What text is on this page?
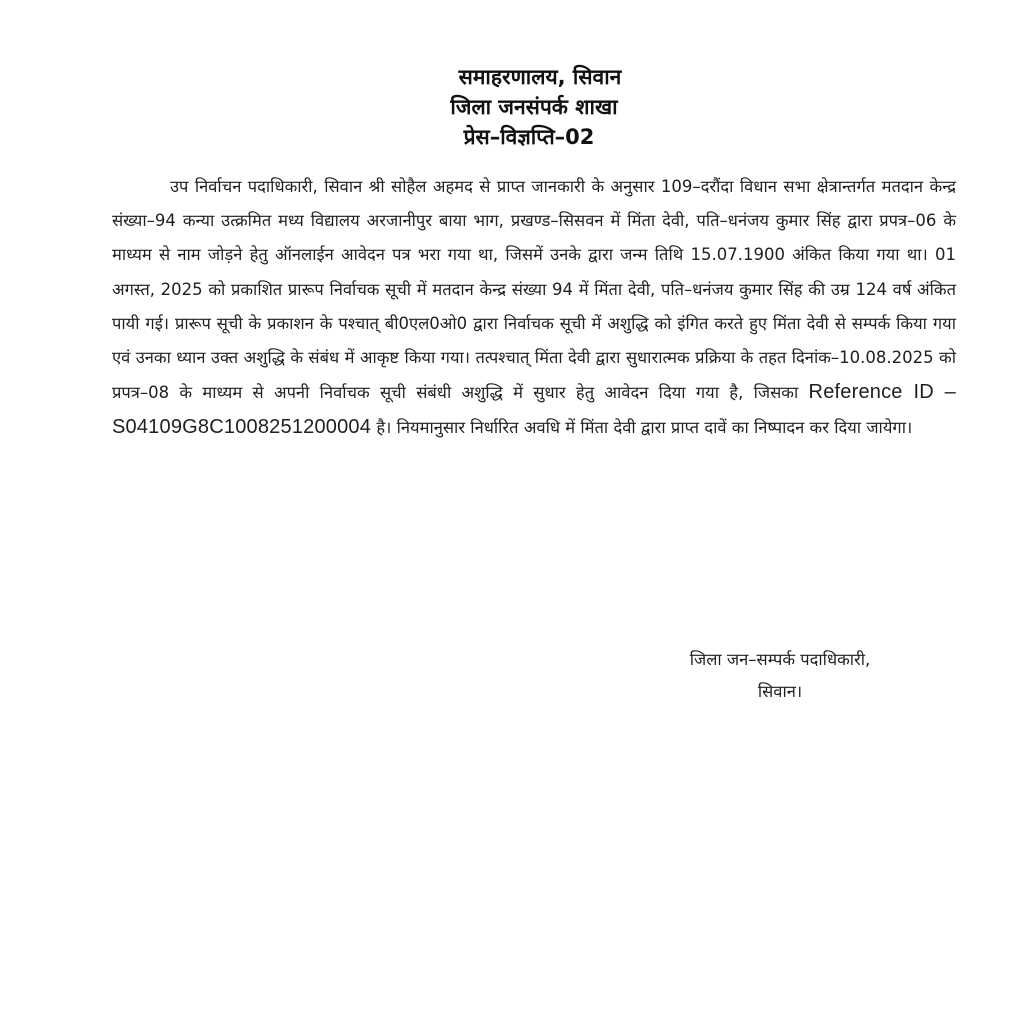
समाहरणालय, सिवान
जिला जनसंपर्क शाखा
प्रेस–विज्ञप्ति–02

उप निर्वाचन पदाधिकारी, सिवान श्री सोहैल अहमद से प्राप्त जानकारी के अनुसार 109–दरौंदा विधान सभा क्षेत्रान्तर्गत मतदान केन्द्र संख्या–94 कन्या उत्क्रमित मध्य विद्यालय अरजानीपुर बाया भाग, प्रखण्ड–सिसवन में मिंता देवी, पति–धनंजय कुमार सिंह द्वारा प्रपत्र–06 के माध्यम से नाम जोड़ने हेतु ऑनलाईन आवेदन पत्र भरा गया था, जिसमें उनके द्वारा जन्म तिथि 15.07.1900 अंकित किया गया था। 01 अगस्त, 2025 को प्रकाशित प्रारूप निर्वाचक सूची में मतदान केन्द्र संख्या 94 में मिंता देवी, पति–धनंजय कुमार सिंह की उम्र 124 वर्ष अंकित पायी गई। प्रारूप सूची के प्रकाशन के पश्चात् बी0एल0ओ0 द्वारा निर्वाचक सूची में अशुद्धि को इंगित करते हुए मिंता देवी से सम्पर्क किया गया एवं उनका ध्यान उक्त अशुद्धि के संबंध में आकृष्ट किया गया। तत्पश्चात् मिंता देवी द्वारा सुधारात्मक प्रक्रिया के तहत दिनांक–10.08.2025 को प्रपत्र–08 के माध्यम से अपनी निर्वाचक सूची संबंधी अशुद्धि में सुधार हेतु आवेदन दिया गया है, जिसका Reference ID – S04109G8C1008251200004 है। नियमानुसार निर्धारित अवधि में मिंता देवी द्वारा प्राप्त दावें का निष्पादन कर दिया जायेगा।

जिला जन–सम्पर्क पदाधिकारी,
सिवान।
